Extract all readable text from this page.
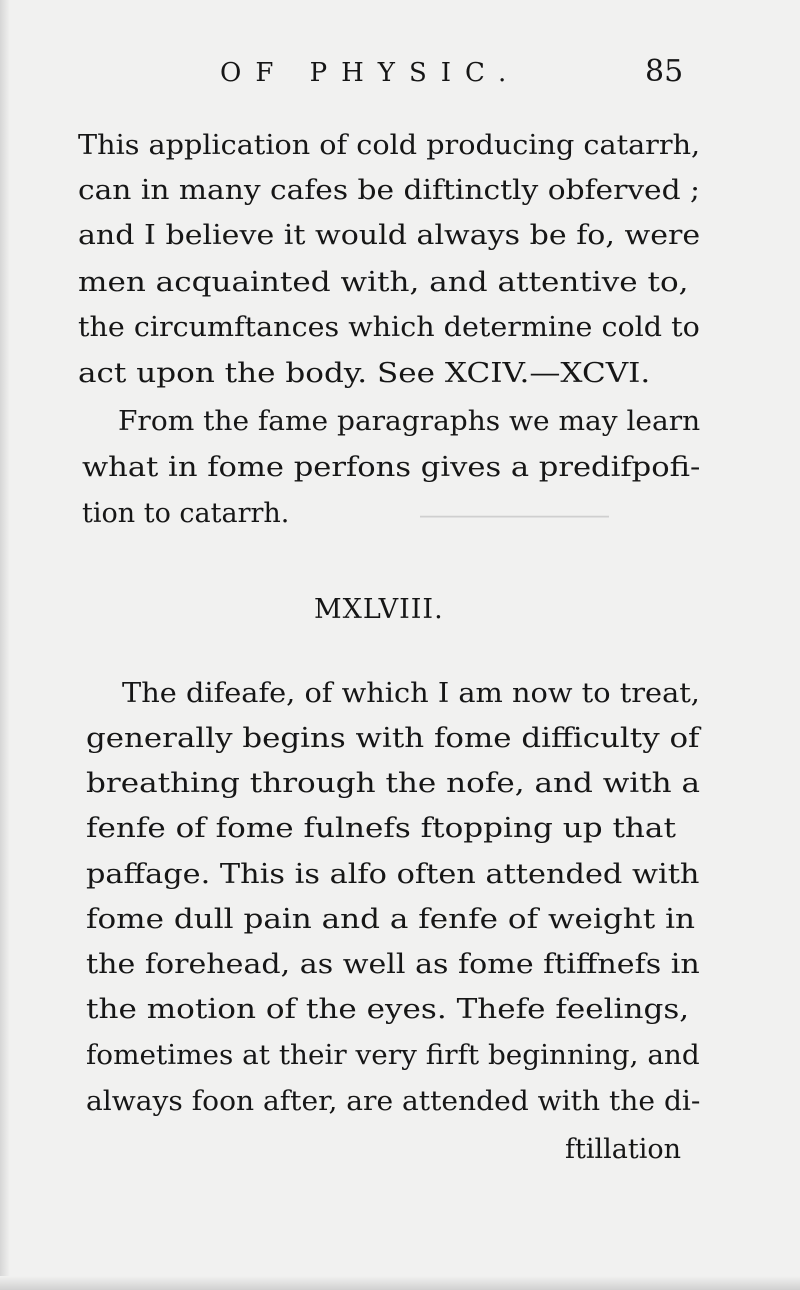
―――――――
OF PHYSIC.	85
This application of cold producing catarrh,
can in many cafes be diftinctly obferved ;
and I believe it would always be fo, were
men acquainted with, and attentive to,
the circumftances which determine cold to
act upon the body. See XCIV.—XCVI.
From the fame paragraphs we may learn
what in fome perfons gives a predifpofi-
tion to catarrh.
MXLVIII.
The difeafe, of which I am now to treat,
generally begins with fome difficulty of
breathing through the nofe, and with a
fenfe of fome fulnefs ftopping up that
paffage. This is alfo often attended with
fome dull pain and a fenfe of weight in
the forehead, as well as fome ftiffnefs in
the motion of the eyes. Thefe feelings,
fometimes at their very firft beginning, and
always foon after, are attended with the di-
ftillation
